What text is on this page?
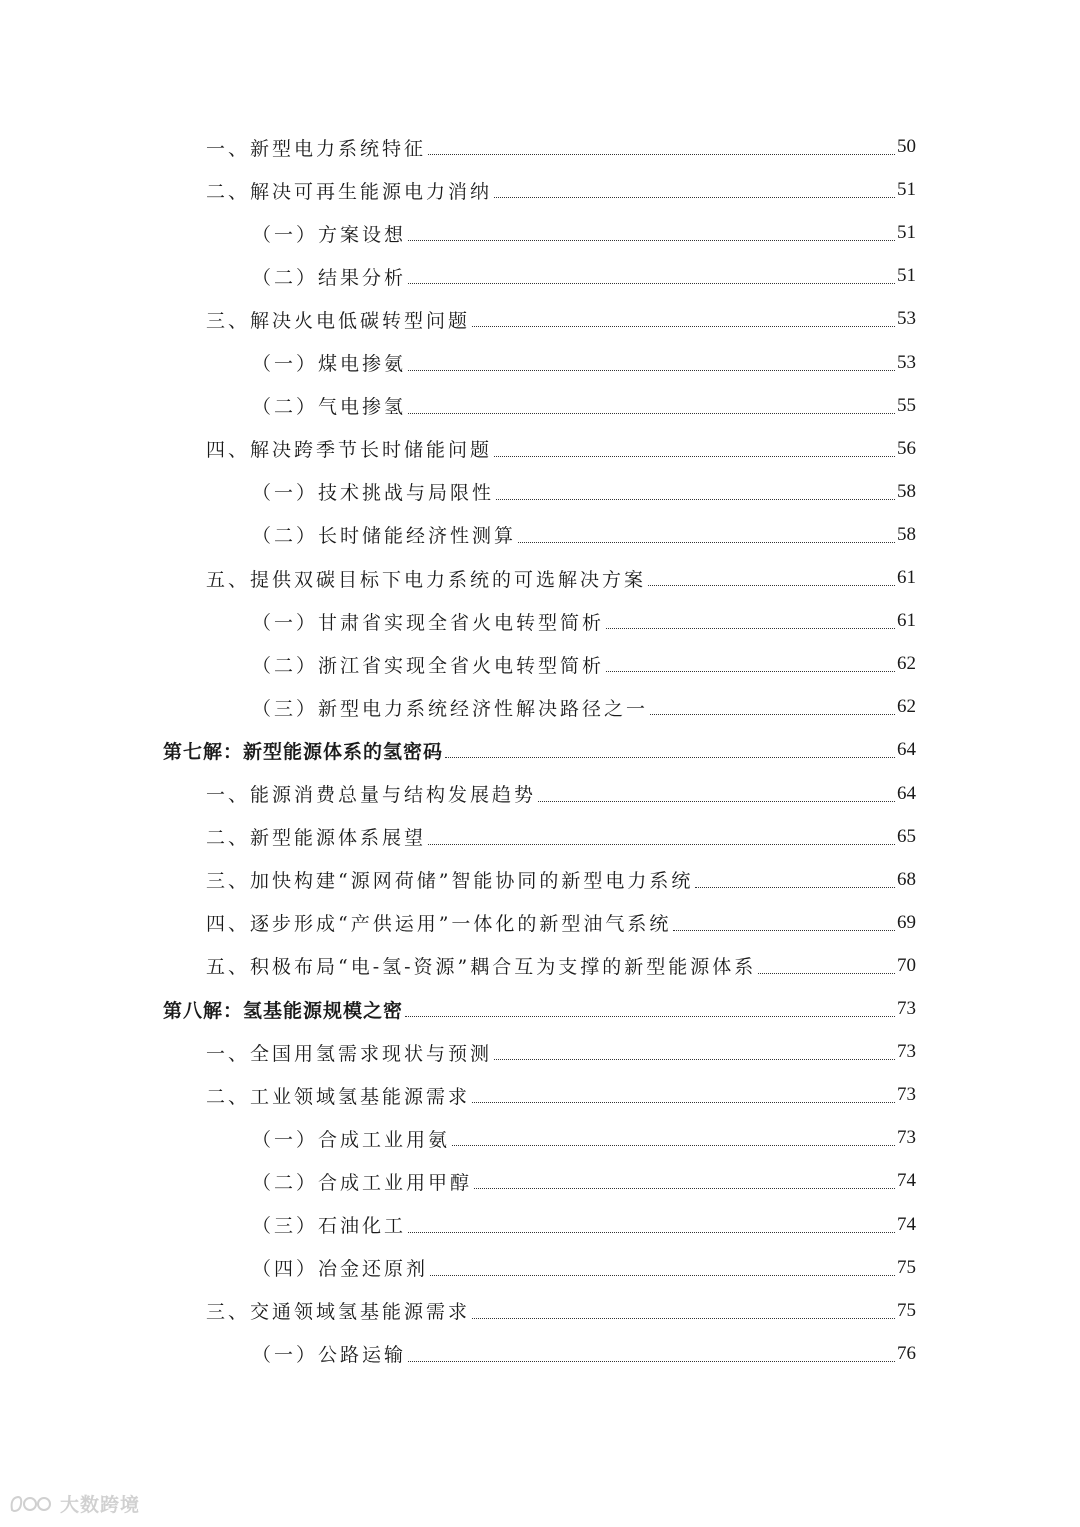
一、新型电力系统特征	50
二、解决可再生能源电力消纳	51
（一）方案设想	51
（二）结果分析	51
三、解决火电低碳转型问题	53
（一）煤电掺氨	53
（二）气电掺氢	55
四、解决跨季节长时储能问题	56
（一）技术挑战与局限性	58
（二）长时储能经济性测算	58
五、提供双碳目标下电力系统的可选解决方案	61
（一）甘肃省实现全省火电转型简析	61
（二）浙江省实现全省火电转型简析	62
（三）新型电力系统经济性解决路径之一	62
第七解：新型能源体系的氢密码	64
一、能源消费总量与结构发展趋势	64
二、新型能源体系展望	65
三、加快构建“源网荷储”智能协同的新型电力系统	68
四、逐步形成“产供运用”一体化的新型油气系统	69
五、积极布局“电-氢-资源”耦合互为支撑的新型能源体系	70
第八解：氢基能源规模之密	73
一、全国用氢需求现状与预测	73
二、工业领域氢基能源需求	73
（一）合成工业用氨	73
（二）合成工业用甲醇	74
（三）石油化工	74
（四）冶金还原剂	75
三、交通领域氢基能源需求	75
（一）公路运输	76
大数跨境
